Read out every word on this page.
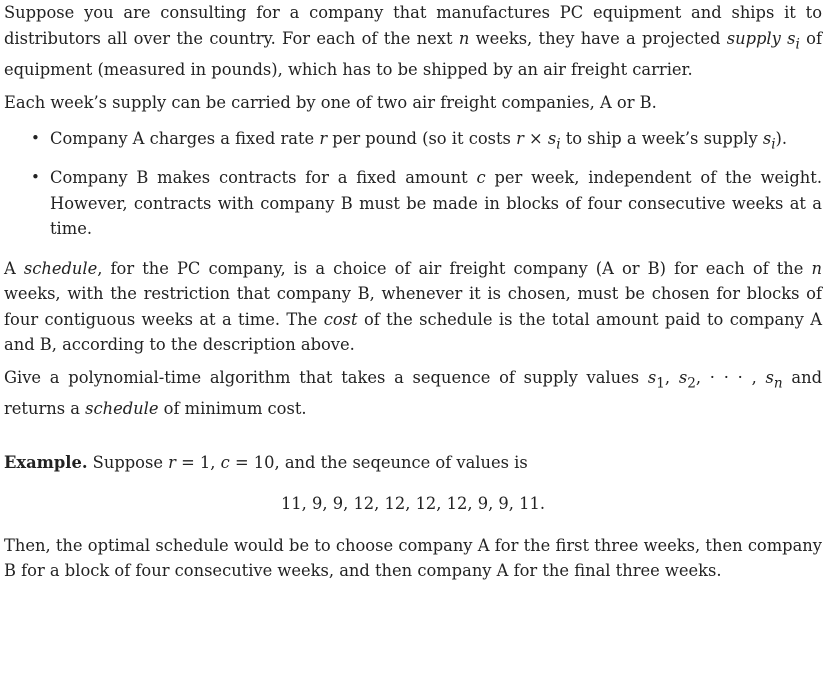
Suppose you are consulting for a company that manufactures PC equipment and ships it to distributors all over the country. For each of the next n weeks, they have a projected supply $s_i$ of equipment (measured in pounds), which has to be shipped by an air freight carrier.

Each week’s supply can be carried by one of two air freight companies, A or B.

• Company A charges a fixed rate r per pound (so it costs $r \times s_i$ to ship a week’s supply $s_i$).
• Company B makes contracts for a fixed amount c per week, independent of the weight. However, contracts with company B must be made in blocks of four consecutive weeks at a time.

A schedule, for the PC company, is a choice of air freight company (A or B) for each of the n weeks, with the restriction that company B, whenever it is chosen, must be chosen for blocks of four contiguous weeks at a time. The cost of the schedule is the total amount paid to company A and B, according to the description above.

Give a polynomial-time algorithm that takes a sequence of supply values $s_1$, $s_2$, · · · , $s_n$ and returns a schedule of minimum cost.

Example. Suppose r = 1, c = 10, and the seqeunce of values is

11, 9, 9, 12, 12, 12, 12, 9, 9, 11.

Then, the optimal schedule would be to choose company A for the first three weeks, then company B for a block of four consecutive weeks, and then company A for the final three weeks.
